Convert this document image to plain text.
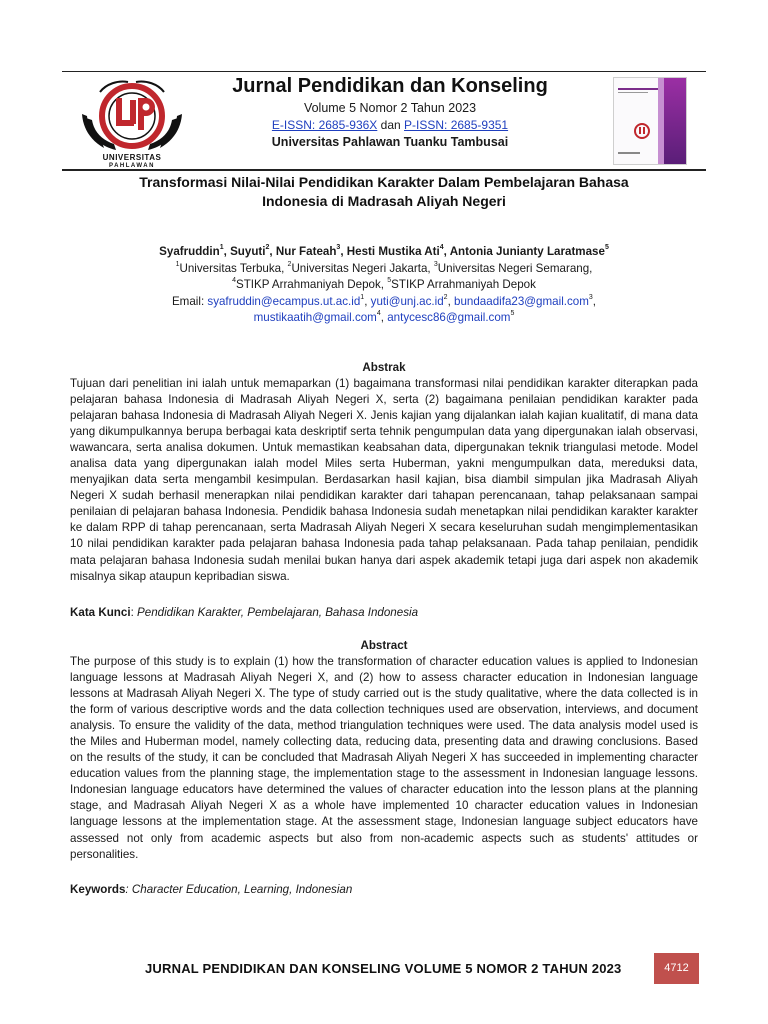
UNIVERSITAS
PAHLAWAN
Jurnal Pendidikan dan Konseling
Volume 5 Nomor 2 Tahun 2023
E-ISSN: 2685-936X dan P-ISSN: 2685-9351
Universitas Pahlawan Tuanku Tambusai
Transformasi Nilai-Nilai Pendidikan Karakter Dalam Pembelajaran Bahasa
Indonesia di Madrasah Aliyah Negeri
Syafruddin$^1$, Suyuti$^2$, Nur Fateah$^3$, Hesti Mustika Ati$^4$, Antonia Junianty Laratmase$^5$
$^1$Universitas Terbuka, $^2$Universitas Negeri Jakarta, $^3$Universitas Negeri Semarang,
$^4$STIKP Arrahmaniyah Depok, $^5$STIKP Arrahmaniyah Depok
Email: $syafruddin@ecampus.ut.ac.id^1$, $yuti@unj.ac.id^2$, bundaadifa23@gmail.com$^3$,
mustikaatih@gmail.com$^4$, antycesc86@gmail.com$^5$
Abstrak
Tujuan dari penelitian ini ialah untuk memaparkan (1) bagaimana transformasi nilai pendidikan karakter diterapkan pada pelajaran bahasa Indonesia di Madrasah Aliyah Negeri X, serta (2) bagaimana penilaian pendidikan karakter pada pelajaran bahasa Indonesia di Madrasah Aliyah Negeri X. Jenis kajian yang dijalankan ialah kajian kualitatif, di mana data yang dikumpulkannya berupa berbagai kata deskriptif serta tehnik pengumpulan data yang dipergunakan ialah observasi, wawancara, serta analisa dokumen. Untuk memastikan keabsahan data, dipergunakan teknik triangulasi metode. Model analisa data yang dipergunakan ialah model Miles serta Huberman, yakni mengumpulkan data, mereduksi data, menyajikan data serta mengambil kesimpulan. Berdasarkan hasil kajian, bisa diambil simpulan jika Madrasah Aliyah Negeri X sudah berhasil menerapkan nilai pendidikan karakter dari tahapan perencanaan, tahap pelaksanaan sampai penilaian di pelajaran bahasa Indonesia. Pendidik bahasa Indonesia sudah menetapkan nilai pendidikan karakter karakter ke dalam RPP di tahap perencanaan, serta Madrasah Aliyah Negeri X secara keseluruhan sudah mengimplementasikan 10 nilai pendidikan karakter pada pelajaran bahasa Indonesia pada tahap pelaksanaan. Pada tahap penilaian, pendidik mata pelajaran bahasa Indonesia sudah menilai bukan hanya dari aspek akademik tetapi juga dari aspek non akademik misalnya sikap ataupun kepribadian siswa.
Kata Kunci: Pendidikan Karakter, Pembelajaran, Bahasa Indonesia
Abstract
The purpose of this study is to explain (1) how the transformation of character education values is applied to Indonesian language lessons at Madrasah Aliyah Negeri X, and (2) how to assess character education in Indonesian language lessons at Madrasah Aliyah Negeri X. The type of study carried out is the study qualitative, where the data collected is in the form of various descriptive words and the data collection techniques used are observation, interviews, and document analysis. To ensure the validity of the data, method triangulation techniques were used. The data analysis model used is the Miles and Huberman model, namely collecting data, reducing data, presenting data and drawing conclusions. Based on the results of the study, it can be concluded that Madrasah Aliyah Negeri X has succeeded in implementing character education values from the planning stage, the implementation stage to the assessment in Indonesian language lessons. Indonesian language educators have determined the values of character education into the lesson plans at the planning stage, and Madrasah Aliyah Negeri X as a whole have implemented 10 character education values in Indonesian language lessons at the implementation stage. At the assessment stage, Indonesian language subject educators have assessed not only from academic aspects but also from non-academic aspects such as students' attitudes or personalities.
Keywords: Character Education, Learning, Indonesian
JURNAL PENDIDIKAN DAN KONSELING VOLUME 5 NOMOR 2 TAHUN 2023	4712
